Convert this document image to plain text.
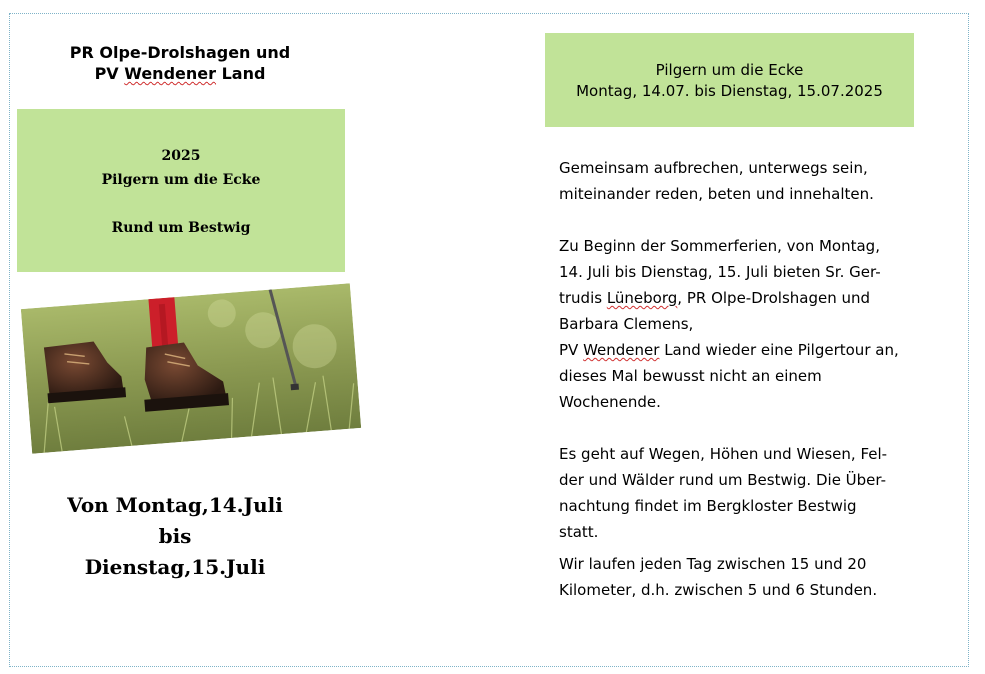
PR Olpe-Drolshagen und
PV Wendener Land
2025
Pilgern um die Ecke
Rund um Bestwig
Von Montag,14.Juli
bis
Dienstag,15.Juli
Pilgern um die Ecke
Montag, 14.07. bis Dienstag, 15.07.2025

Gemeinsam aufbrechen, unterwegs sein,
miteinander reden, beten und innehalten.

Zu Beginn der Sommerferien, von Montag,
14. Juli bis Dienstag, 15. Juli bieten Sr. Ger-
trudis Lüneborg, PR Olpe-Drolshagen und
Barbara Clemens,
PV Wendener Land wieder eine Pilgertour an,
dieses Mal bewusst nicht an einem
Wochenende.

Es geht auf Wegen, Höhen und Wiesen, Fel-
der und Wälder rund um Bestwig. Die Über-
nachtung findet im Bergkloster Bestwig
statt.

Wir laufen jeden Tag zwischen 15 und 20
Kilometer, d.h. zwischen 5 und 6 Stunden.
